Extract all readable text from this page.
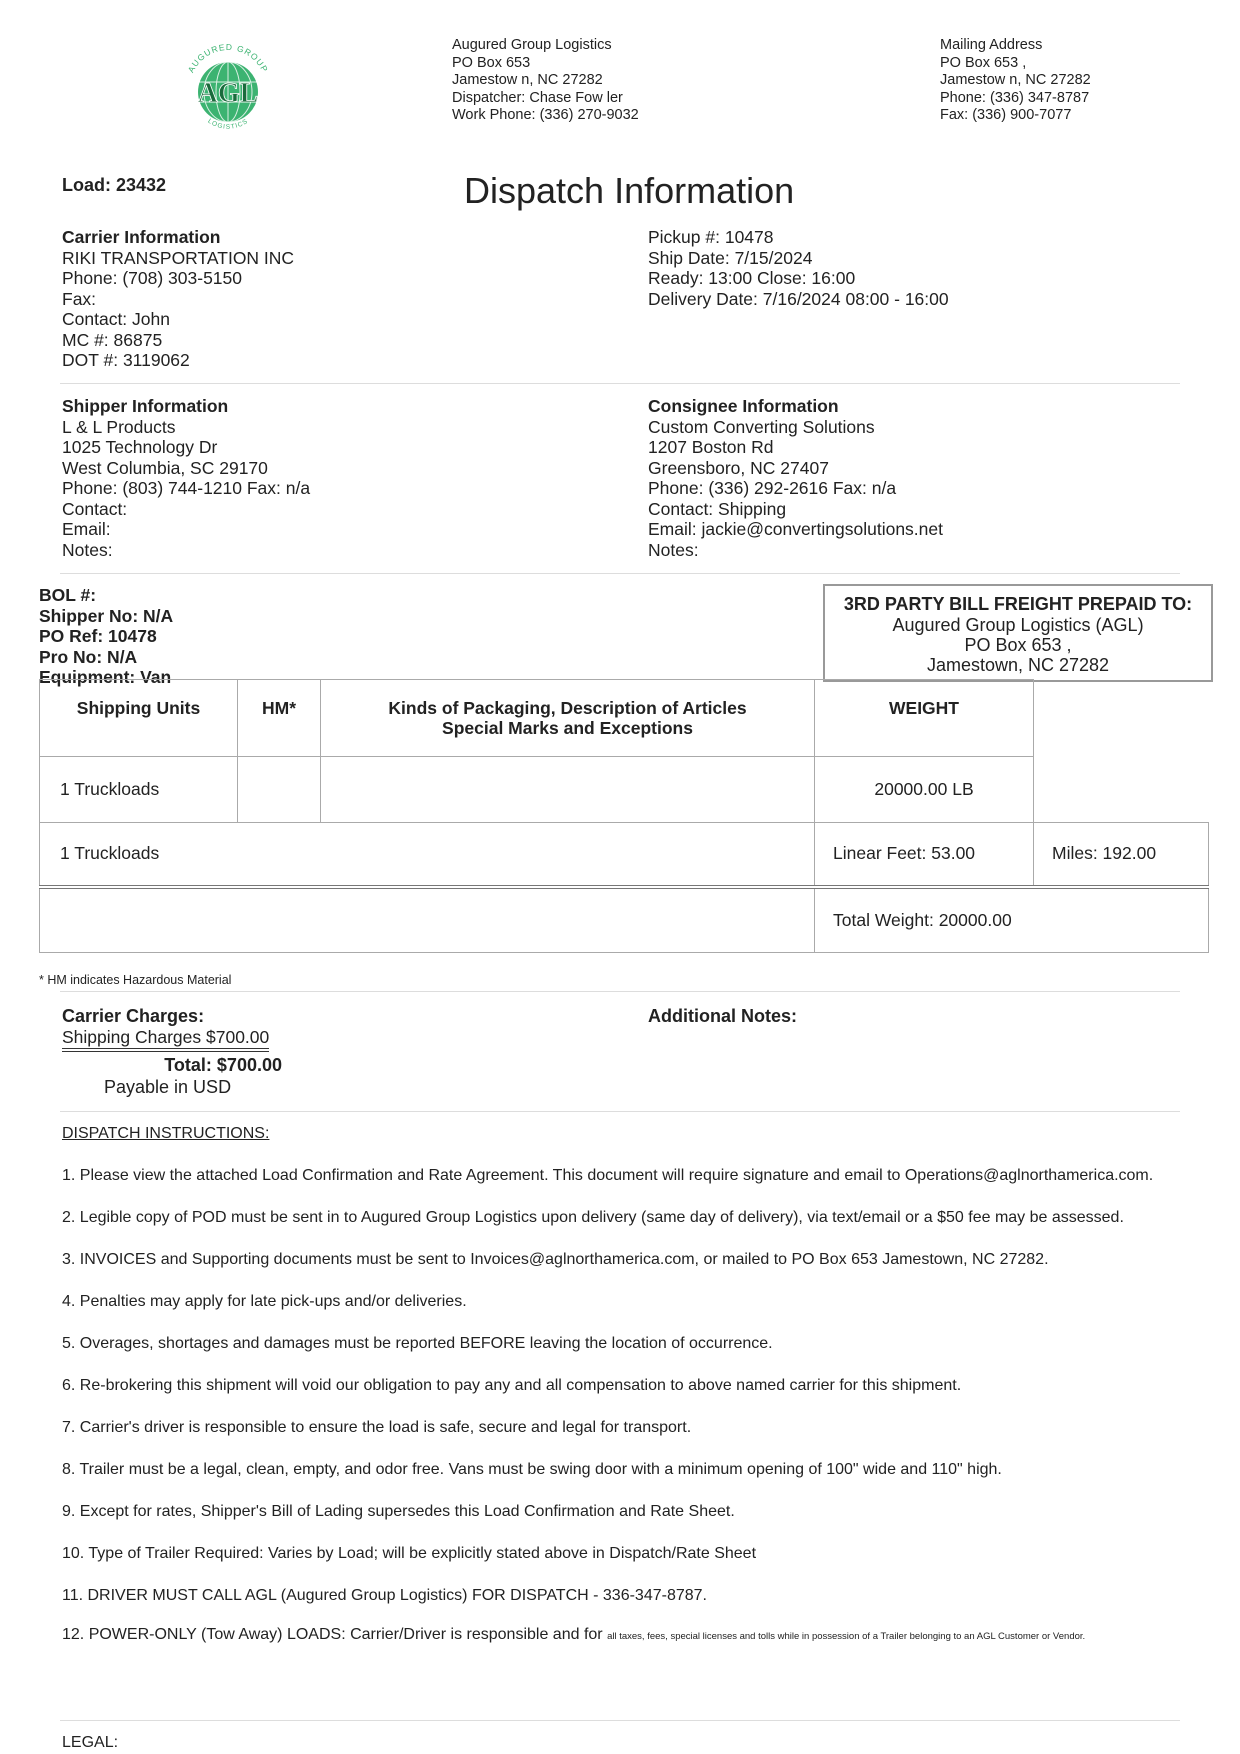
AUGURED GROUP
AGL
LOGISTICS
Augured Group Logistics
PO Box 653
Jamestow n, NC 27282
Dispatcher: Chase Fow ler
Work Phone: (336) 270-9032
Mailing Address
PO Box 653 ,
Jamestow n, NC 27282
Phone: (336) 347-8787
Fax: (336) 900-7077
Load: 23432	Dispatch Information
Carrier Information
RIKI TRANSPORTATION INC
Phone: (708) 303-5150
Fax:
Contact: John
MC #: 86875
DOT #: 3119062
Pickup #: 10478
Ship Date: 7/15/2024
Ready: 13:00 Close: 16:00
Delivery Date: 7/16/2024 08:00 - 16:00
Shipper Information
L & L Products
1025 Technology Dr
West Columbia, SC 29170
Phone: (803) 744-1210 Fax: n/a
Contact:
Email:
Notes:
Consignee Information
Custom Converting Solutions
1207 Boston Rd
Greensboro, NC 27407
Phone: (336) 292-2616 Fax: n/a
Contact: Shipping
Email: jackie@convertingsolutions.net
Notes:
BOL #:
Shipper No: N/A
PO Ref: 10478
Pro No: N/A
Equipment: Van
3RD PARTY BILL FREIGHT PREPAID TO:
Augured Group Logistics (AGL)
PO Box 653 ,
Jamestown, NC 27282
Shipping Units	HM*	Kinds of Packaging, Description of Articles
Special Marks and Exceptions	WEIGHT	
1 Truckloads			20000.00 LB	
1 Truckloads			Linear Feet: 53.00	Miles: 192.00
			Total Weight: 20000.00	
* HM indicates Hazardous Material
Carrier Charges:
Shipping Charges $700.00
Total: $700.00
Payable in USD
Additional Notes:
DISPATCH INSTRUCTIONS:

1. Please view the attached Load Confirmation and Rate Agreement. This document will require signature and email to Operations@aglnorthamerica.com.

2. Legible copy of POD must be sent in to Augured Group Logistics upon delivery (same day of delivery), via text/email or a $50 fee may be assessed.

3. INVOICES and Supporting documents must be sent to Invoices@aglnorthamerica.com, or mailed to PO Box 653 Jamestown, NC 27282.

4. Penalties may apply for late pick-ups and/or deliveries.

5. Overages, shortages and damages must be reported BEFORE leaving the location of occurrence.

6. Re-brokering this shipment will void our obligation to pay any and all compensation to above named carrier for this shipment.

7. Carrier's driver is responsible to ensure the load is safe, secure and legal for transport.

8. Trailer must be a legal, clean, empty, and odor free. Vans must be swing door with a minimum opening of 100" wide and 110" high.

9. Except for rates, Shipper's Bill of Lading supersedes this Load Confirmation and Rate Sheet.

10. Type of Trailer Required: Varies by Load; will be explicitly stated above in Dispatch/Rate Sheet

11. DRIVER MUST CALL AGL (Augured Group Logistics) FOR DISPATCH - 336-347-8787.

12. POWER-ONLY (Tow Away) LOADS: Carrier/Driver is responsible and for all taxes, fees, special licenses and tolls while in possession of a Trailer belonging to an AGL Customer or Vendor.

LEGAL:
